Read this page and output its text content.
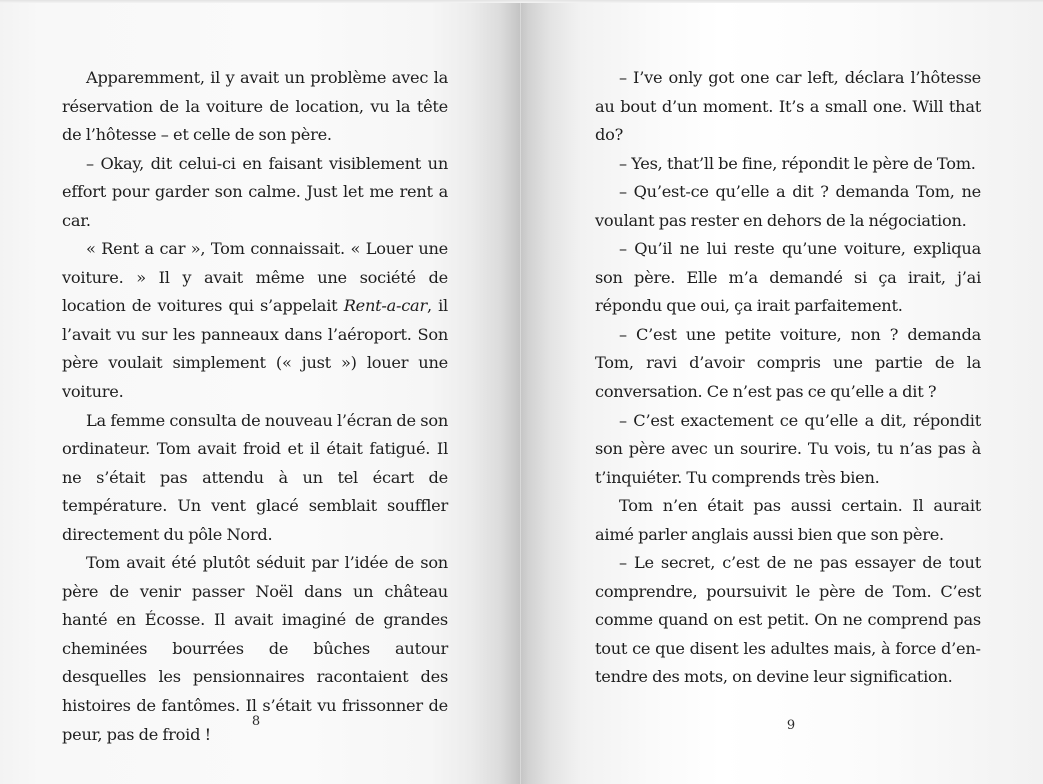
Apparemment, il y avait un problème avec la réservation de la voiture de location, vu la tête de l’hôtesse – et celle de son père.

– Okay, dit celui-ci en faisant visiblement un effort pour garder son calme. Just let me rent a car.

« Rent a car », Tom connaissait. « Louer une voiture. » Il y avait même une société de location de voitures qui s’appelait Rent-a-car, il l’avait vu sur les panneaux dans l’aéroport. Son père voulait simplement (« just ») louer une voiture.

La femme consulta de nouveau l’écran de son ordinateur. Tom avait froid et il était fatigué. Il ne s’était pas attendu à un tel écart de température. Un vent glacé semblait souffler directement du pôle Nord.

Tom avait été plutôt séduit par l’idée de son père de venir passer Noël dans un château hanté en Écosse. Il avait imaginé de grandes cheminées bourrées de bûches autour desquelles les pensionnaires racontaient des histoires de fantômes. Il s’était vu frissonner de peur, pas de froid !

8

– I’ve only got one car left, déclara l’hôtesse au bout d’un moment. It’s a small one. Will that do?

– Yes, that’ll be fine, répondit le père de Tom.

– Qu’est-ce qu’elle a dit ? demanda Tom, ne voulant pas rester en dehors de la négociation.

– Qu’il ne lui reste qu’une voiture, expliqua son père. Elle m’a demandé si ça irait, j’ai répondu que oui, ça irait parfaitement.

– C’est une petite voiture, non ? demanda Tom, ravi d’avoir compris une partie de la conversation. Ce n’est pas ce qu’elle a dit ?

– C’est exactement ce qu’elle a dit, répondit son père avec un sourire. Tu vois, tu n’as pas à t’inquiéter. Tu comprends très bien.

Tom n’en était pas aussi certain. Il aurait aimé parler anglais aussi bien que son père.

– Le secret, c’est de ne pas essayer de tout comprendre, poursuivit le père de Tom. C’est comme quand on est petit. On ne comprend pas tout ce que disent les adultes mais, à force d’entendre des mots, on devine leur signification.

9
